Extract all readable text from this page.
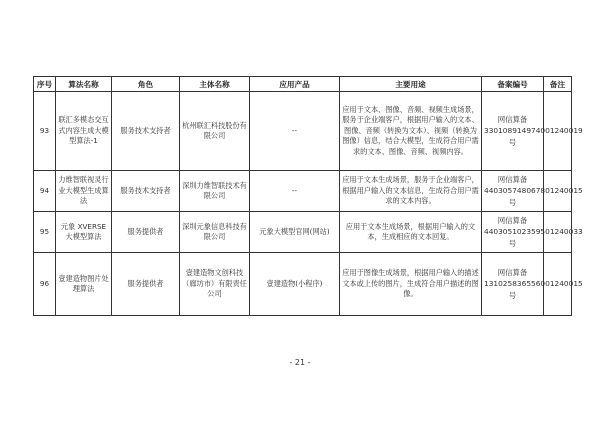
序号	算法名称	角色	主体名称	应用产品	主要用途	备案编号	备注
93	联汇多模态交互式内容生成大模型算法-1	服务技术支持者	杭州联汇科技股份有限公司	--	应用于文本、图像、音频、视频生成场景，服务于企业端客户，根据用户输入的文本、图像、音频（转换为文本）、视频（转换为图像）信息，结合大模型，生成符合用户需求的文本、图像、音频、视频内容。	网信算备
330108914974001240019 号	

94	力维智联视灵行业大模型生成算法	服务技术支持者	深圳力维智联技术有限公司	--	应用于文本生成场景，服务于企业端客户，根据用户输入的文本信息，生成符合用户需求的文本内容。	网信算备
440305748067801240015 号	

95	元象 XVERSE 大模型算法	服务提供者	深圳元象信息科技有限公司	元象大模型官网(网站)	应用于文本生成场景，根据用户输入的文本，生成相应的文本回复。	网信算备
440305102359501240033 号	

96	壹建造物图片处理算法	服务提供者	壹建造物文创科技（廊坊市）有限责任公司	壹建造物(小程序)	应用于图像生成场景，根据用户输入的描述文本或上传的图片，生成符合用户描述的图像。	网信算备
131025836556001240015 号	

- 21 -
